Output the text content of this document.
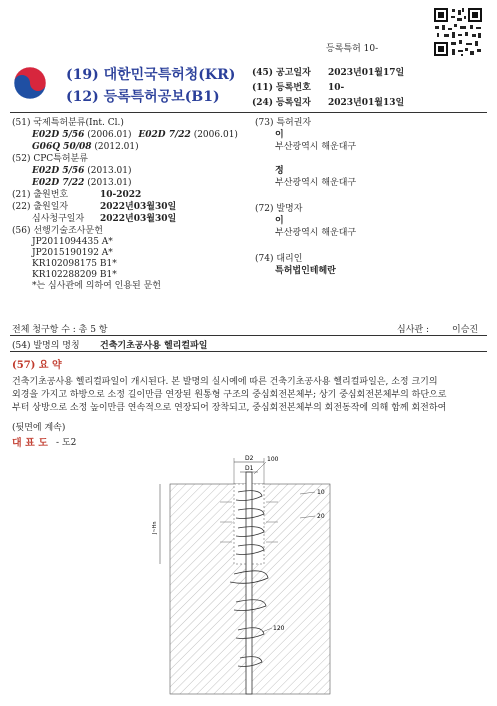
등록특허 10-
(19) 대한민국특허청(KR)
(12) 등록특허공보(B1)
(45) 공고일자 2023년01월17일
(11) 등록번호 10-
(24) 등록일자 2023년01월13일
(51) 국제특허분류(Int. Cl.)
E02D 5/56 (2006.01) E02D 7/22 (2006.01)
G06Q 50/08 (2012.01)
(52) CPC특허분류
E02D 5/56 (2013.01)
E02D 7/22 (2013.01)
(21) 출원번호	10-2022
(22) 출원일자	2022년03월30일
심사청구일자 2022년03월30일
(56) 선행기술조사문헌
JP2011094435 A*
JP2015190192 A*
KR102098175 B1*
KR102288209 B1*
*는 심사관에 의하여 인용된 문헌
(73) 특허권자
이
부산광역시 해운대구
정
부산광역시 해운대구
(72) 발명자
이
부산광역시 해운대구
(74) 대리인
특허법인테헤란
전체 청구항 수 : 총 5 항	심사관 :	이승진
(54) 발명의 명칭 건축기초공사용 헬리컬파일
(57) 요 약
건축기초공사용 헬리컬파일이 개시된다. 본 발명의 실시예에 따른 건축기초공사용 헬리컬파일은, 소정 크기의
외경을 가지고 하방으로 소정 길이만큼 연장된 원통형 구조의 중심회전본체부; 상기 중심회전본체부의 하단으로
부터 상방으로 소정 높이만큼 연속적으로 연장되어 장착되고, 중심회전본체부의 회전동작에 의해 함께 회전하여
(뒷면에 계속)
대 표 도 - 도2
D2
D1
100
10
20
120
J~Hn
